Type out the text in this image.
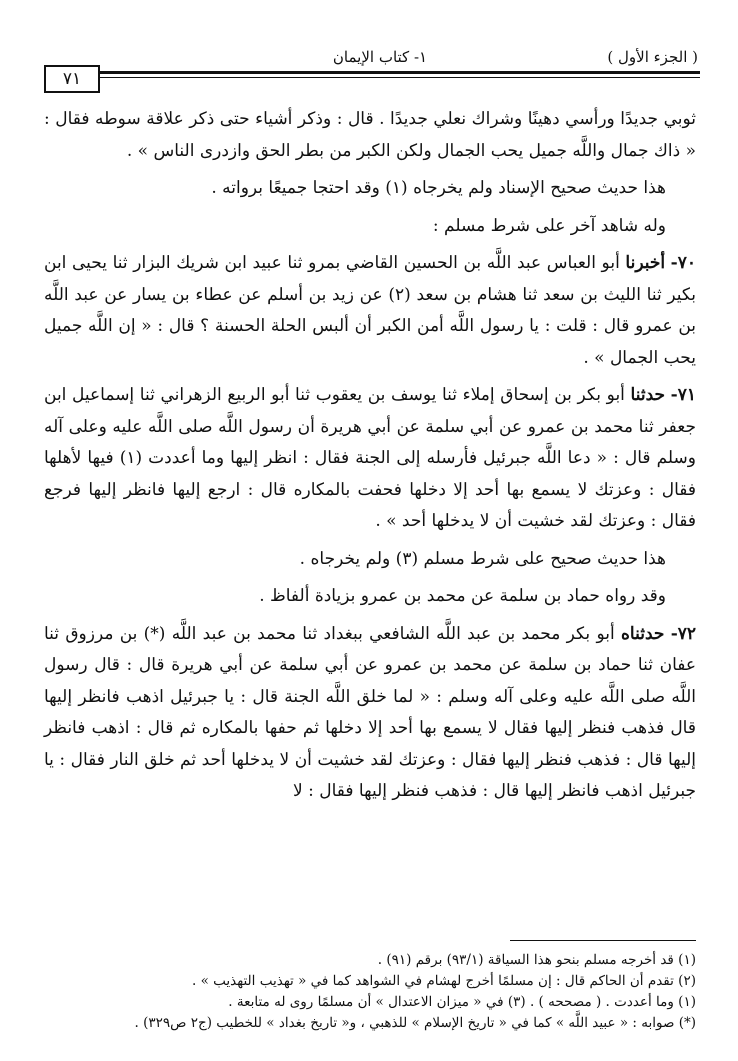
( الجزء الأول )
١- كتاب الإيمان
٧١

ثوبي جديدًا ورأسي دهينًا وشراك نعلي جديدًا . قال : وذكر أشياء حتى ذكر علاقة سوطه فقال : « ذاك جمال واللَّه جميل يحب الجمال ولكن الكبر من بطر الحق وازدرى الناس » .

هذا حديث صحيح الإسناد ولم يخرجاه (١) وقد احتجا جميعًا برواته .

وله شاهد آخر على شرط مسلم :

٧٠- أخبرنا أبو العباس عبد اللَّه بن الحسين القاضي بمرو ثنا عبيد ابن شريك البزار ثنا يحيى ابن بكير ثنا الليث بن سعد ثنا هشام بن سعد (٢) عن زيد بن أسلم عن عطاء بن يسار عن عبد اللَّه بن عمرو قال : قلت : يا رسول اللَّه أمن الكبر أن ألبس الحلة الحسنة ؟ قال : « إن اللَّه جميل يحب الجمال » .

٧١- حدثنا أبو بكر بن إسحاق إملاء ثنا يوسف بن يعقوب ثنا أبو الربيع الزهراني ثنا إسماعيل ابن جعفر ثنا محمد بن عمرو عن أبي سلمة عن أبي هريرة أن رسول اللَّه صلى اللَّه عليه وعلى آله وسلم قال : « دعا اللَّه جبرئيل فأرسله إلى الجنة فقال : انظر إليها وما أعددت (١) فيها لأهلها فقال : وعزتك لا يسمع بها أحد إلا دخلها فحفت بالمكاره قال : ارجع إليها فانظر إليها فرجع فقال : وعزتك لقد خشيت أن لا يدخلها أحد » .

هذا حديث صحيح على شرط مسلم (٣) ولم يخرجاه .

وقد رواه حماد بن سلمة عن محمد بن عمرو بزيادة ألفاظ .

٧٢- حدثناه أبو بكر محمد بن عبد اللَّه الشافعي ببغداد ثنا محمد بن عبد اللَّه (*) بن مرزوق ثنا عفان ثنا حماد بن سلمة عن محمد بن عمرو عن أبي سلمة عن أبي هريرة قال : قال رسول اللَّه صلى اللَّه عليه وعلى آله وسلم : « لما خلق اللَّه الجنة قال : يا جبرئيل اذهب فانظر إليها قال فذهب فنظر إليها فقال لا يسمع بها أحد إلا دخلها ثم حفها بالمكاره ثم قال : اذهب فانظر إليها قال : فذهب فنظر إليها فقال : وعزتك لقد خشيت أن لا يدخلها أحد ثم خلق النار فقال : يا جبرئيل اذهب فانظر إليها قال : فذهب فنظر إليها فقال : لا

(١) قد أخرجه مسلم بنحو هذا السياقة (٩٣/١) برقم (٩١) .

(٢) تقدم أن الحاكم قال : إن مسلمًا أخرج لهشام في الشواهد كما في « تهذيب التهذيب » .

(١) وما أعددت . ( مصححه ) . (٣) في « ميزان الاعتدال » أن مسلمًا روى له متابعة .

(*) صوابه : « عبيد اللَّه » كما في « تاريخ الإسلام » للذهبي ، و« تاريخ بغداد » للخطيب (ج٢ ص٣٢٩) .
